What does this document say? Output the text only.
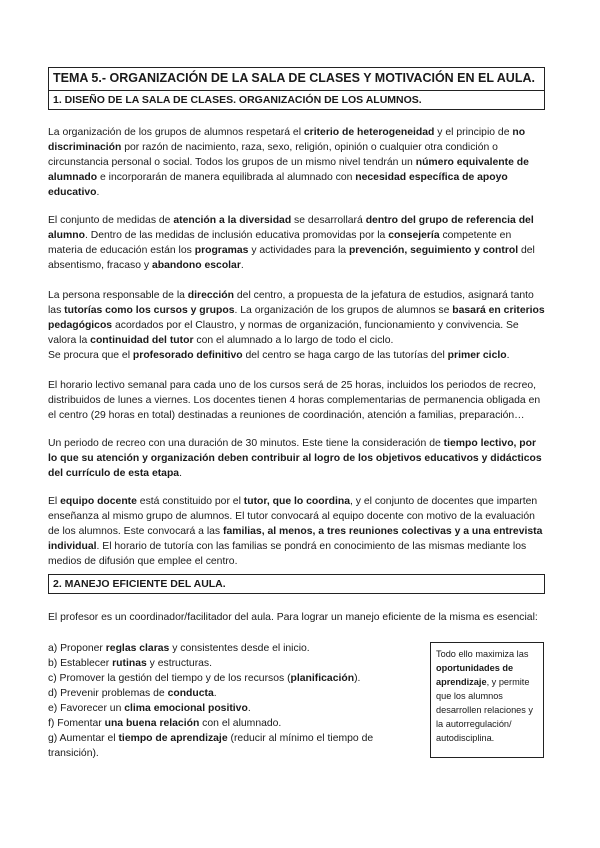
TEMA 5.- ORGANIZACIÓN DE LA SALA DE CLASES Y MOTIVACIÓN EN EL AULA.
1. DISEÑO DE LA SALA DE CLASES. ORGANIZACIÓN DE LOS ALUMNOS.

La organización de los grupos de alumnos respetará el criterio de heterogeneidad y el principio de no discriminación por razón de nacimiento, raza, sexo, religión, opinión o cualquier otra condición o circunstancia personal o social. Todos los grupos de un mismo nivel tendrán un número equivalente de alumnado e incorporarán de manera equilibrada al alumnado con necesidad específica de apoyo educativo.

El conjunto de medidas de atención a la diversidad se desarrollará dentro del grupo de referencia del alumno. Dentro de las medidas de inclusión educativa promovidas por la consejería competente en materia de educación están los programas y actividades para la prevención, seguimiento y control del absentismo, fracaso y abandono escolar.

La persona responsable de la dirección del centro, a propuesta de la jefatura de estudios, asignará tanto las tutorías como los cursos y grupos. La organización de los grupos de alumnos se basará en criterios pedagógicos acordados por el Claustro, y normas de organización, funcionamiento y convivencia. Se valora la continuidad del tutor con el alumnado a lo largo de todo el ciclo.

Se procura que el profesorado definitivo del centro se haga cargo de las tutorías del primer ciclo.

El horario lectivo semanal para cada uno de los cursos será de 25 horas, incluidos los periodos de recreo, distribuidos de lunes a viernes. Los docentes tienen 4 horas complementarias de permanencia obligada en el centro (29 horas en total) destinadas a reuniones de coordinación, atención a familias, preparación…

Un periodo de recreo con una duración de 30 minutos. Este tiene la consideración de tiempo lectivo, por lo que su atención y organización deben contribuir al logro de los objetivos educativos y didácticos del currículo de esta etapa.

El equipo docente está constituido por el tutor, que lo coordina, y el conjunto de docentes que imparten enseñanza al mismo grupo de alumnos. El tutor convocará al equipo docente con motivo de la evaluación de los alumnos. Este convocará a las familias, al menos, a tres reuniones colectivas y a una entrevista individual. El horario de tutoría con las familias se pondrá en conocimiento de las mismas mediante los medios de difusión que emplee el centro.

2. MANEJO EFICIENTE DEL AULA.

El profesor es un coordinador/facilitador del aula. Para lograr un manejo eficiente de la misma es esencial:

a) Proponer reglas claras y consistentes desde el inicio.
b) Establecer rutinas y estructuras.
c) Promover la gestión del tiempo y de los recursos (planificación).
d) Prevenir problemas de conducta.
e) Favorecer un clima emocional positivo.
f) Fomentar una buena relación con el alumnado.
g) Aumentar el tiempo de aprendizaje (reducir al mínimo el tiempo de transición).
Todo ello maximiza las oportunidades de aprendizaje, y permite que los alumnos desarrollen relaciones y la autorregulación/ autodisciplina.
